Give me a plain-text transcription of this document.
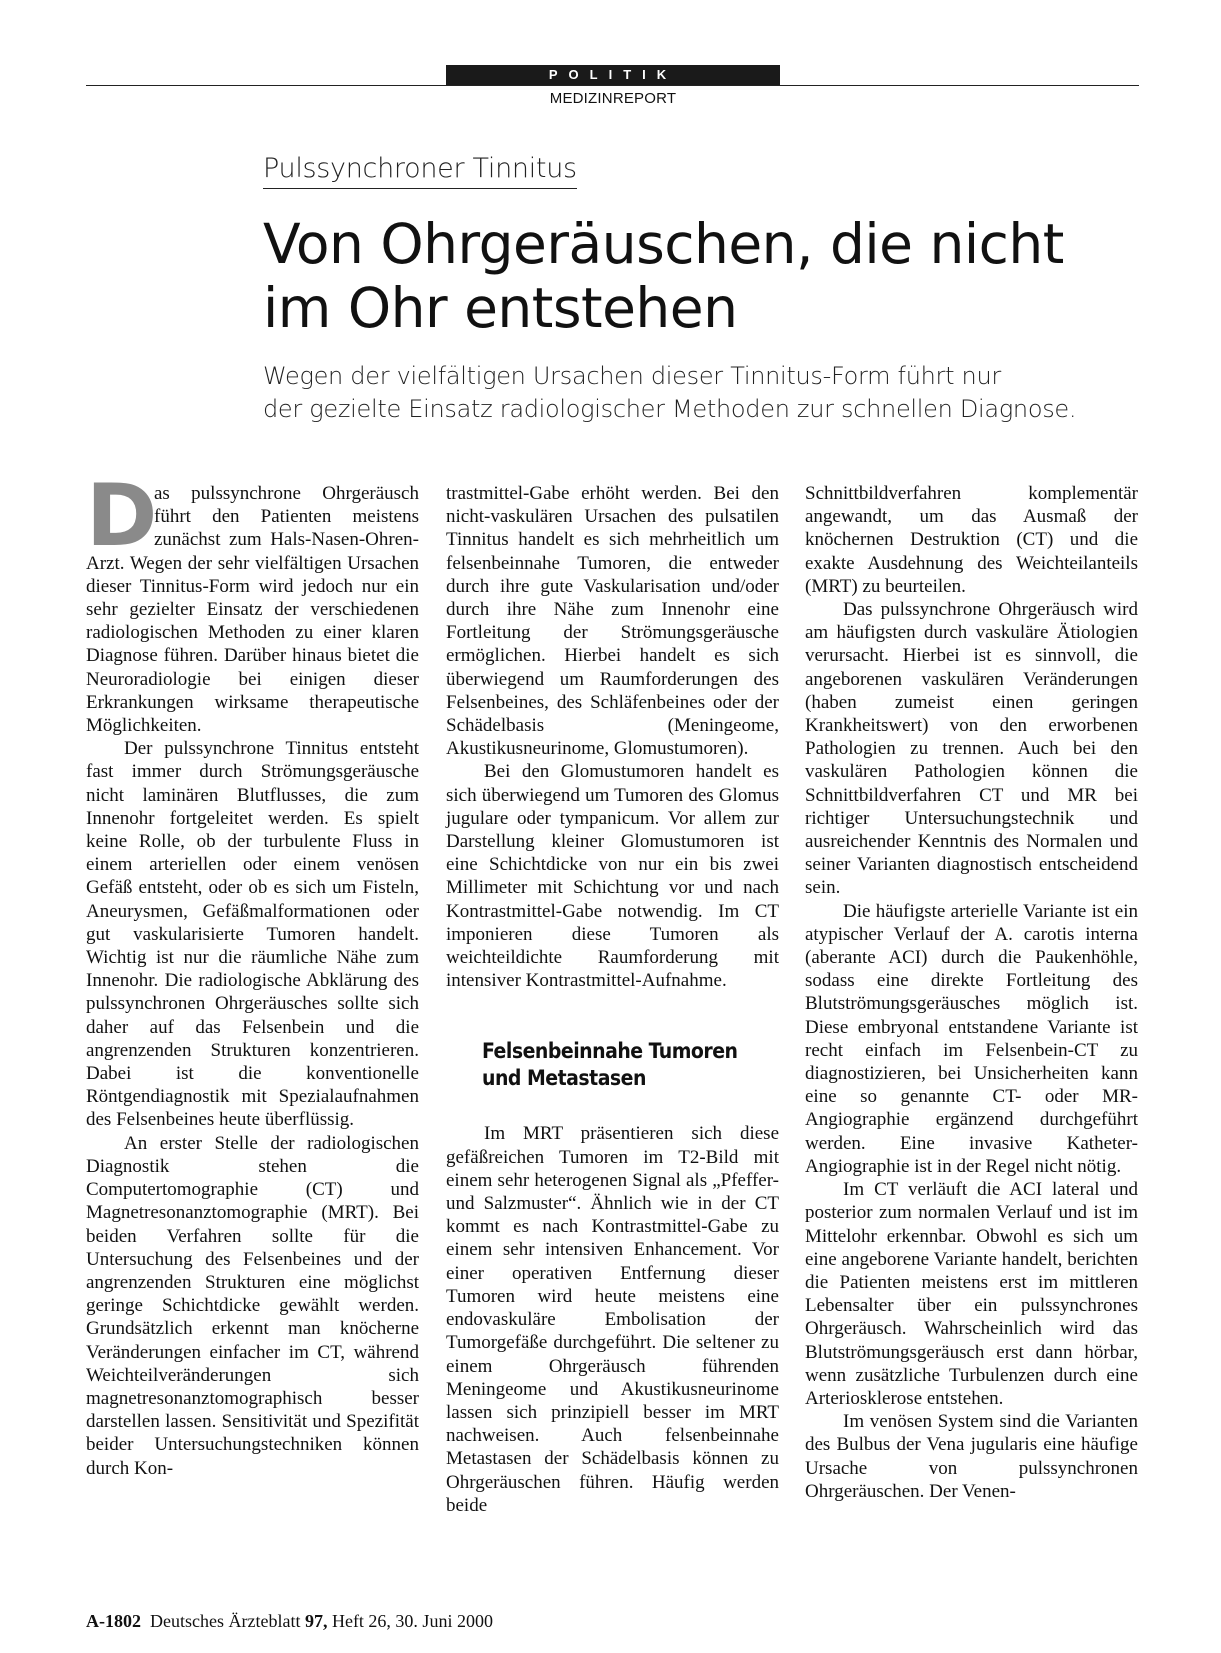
POLITIK
MEDIZINREPORT
Pulssynchroner Tinnitus
Von Ohrgeräuschen, die nicht
im Ohr entstehen

Wegen der vielfältigen Ursachen dieser Tinnitus-Form führt nur
der gezielte Einsatz radiologischer Methoden zur schnellen Diagnose.

D
as pulssynchrone Ohrgeräusch führt den Patienten meistens zunächst zum Hals-Nasen-Ohren-Arzt. Wegen der sehr vielfältigen Ursachen dieser Tinnitus-Form wird jedoch nur ein sehr gezielter Einsatz der verschiedenen radiologischen Methoden zu einer klaren Diagnose führen. Darüber hinaus bietet die Neuroradiologie bei einigen dieser Erkrankungen wirksame therapeutische Möglichkeiten.

Der pulssynchrone Tinnitus entsteht fast immer durch Strömungsgeräusche nicht laminären Blutflusses, die zum Innenohr fortgeleitet werden. Es spielt keine Rolle, ob der turbulente Fluss in einem arteriellen oder einem venösen Gefäß entsteht, oder ob es sich um Fisteln, Aneurysmen, Gefäßmalformationen oder gut vaskularisierte Tumoren handelt. Wichtig ist nur die räumliche Nähe zum Innenohr. Die radiologische Abklärung des pulssynchronen Ohrgeräusches sollte sich daher auf das Felsenbein und die angrenzenden Strukturen konzentrieren. Dabei ist die konventionelle Röntgendiagnostik mit Spezialaufnahmen des Felsenbeines heute überflüssig.

An erster Stelle der radiologischen Diagnostik stehen die Computertomographie (CT) und Magnetresonanztomographie (MRT). Bei beiden Verfahren sollte für die Untersuchung des Felsenbeines und der angrenzenden Strukturen eine möglichst geringe Schichtdicke gewählt werden. Grundsätzlich erkennt man knöcherne Veränderungen einfacher im CT, während Weichteilveränderungen sich magnetresonanztomographisch besser darstellen lassen. Sensitivität und Spezifität beider Untersuchungstechniken können durch Kon-

trastmittel-Gabe erhöht werden. Bei den nicht-vaskulären Ursachen des pulsatilen Tinnitus handelt es sich mehrheitlich um felsenbeinnahe Tumoren, die entweder durch ihre gute Vaskularisation und/oder durch ihre Nähe zum Innenohr eine Fortleitung der Strömungsgeräusche ermöglichen. Hierbei handelt es sich überwiegend um Raumforderungen des Felsenbeines, des Schläfenbeines oder der Schädelbasis (Meningeome, Akustikusneurinome, Glomustumoren).

Bei den Glomustumoren handelt es sich überwiegend um Tumoren des Glomus jugulare oder tympanicum. Vor allem zur Darstellung kleiner Glomustumoren ist eine Schichtdicke von nur ein bis zwei Millimeter mit Schichtung vor und nach Kontrastmittel-Gabe notwendig. Im CT imponieren diese Tumoren als weichteildichte Raumforderung mit intensiver Kontrastmittel-Aufnahme.

Felsenbeinnahe Tumoren
und Metastasen

Im MRT präsentieren sich diese gefäßreichen Tumoren im T2-Bild mit einem sehr heterogenen Signal als „Pfeffer- und Salzmuster“. Ähnlich wie in der CT kommt es nach Kontrastmittel-Gabe zu einem sehr intensiven Enhancement. Vor einer operativen Entfernung dieser Tumoren wird heute meistens eine endovaskuläre Embolisation der Tumorgefäße durchgeführt. Die seltener zu einem Ohrgeräusch führenden Meningeome und Akustikusneurinome lassen sich prinzipiell besser im MRT nachweisen. Auch felsenbeinnahe Metastasen der Schädelbasis können zu Ohrgeräuschen führen. Häufig werden beide

Schnittbildverfahren komplementär angewandt, um das Ausmaß der knöchernen Destruktion (CT) und die exakte Ausdehnung des Weichteilanteils (MRT) zu beurteilen.

Das pulssynchrone Ohrgeräusch wird am häufigsten durch vaskuläre Ätiologien verursacht. Hierbei ist es sinnvoll, die angeborenen vaskulären Veränderungen (haben zumeist einen geringen Krankheitswert) von den erworbenen Pathologien zu trennen. Auch bei den vaskulären Pathologien können die Schnittbildverfahren CT und MR bei richtiger Untersuchungstechnik und ausreichender Kenntnis des Normalen und seiner Varianten diagnostisch entscheidend sein.

Die häufigste arterielle Variante ist ein atypischer Verlauf der A. carotis interna (aberante ACI) durch die Paukenhöhle, sodass eine direkte Fortleitung des Blutströmungsgeräusches möglich ist. Diese embryonal entstandene Variante ist recht einfach im Felsenbein-CT zu diagnostizieren, bei Unsicherheiten kann eine so genannte CT- oder MR-Angiographie ergänzend durchgeführt werden. Eine invasive Katheter-Angiographie ist in der Regel nicht nötig.

Im CT verläuft die ACI lateral und posterior zum normalen Verlauf und ist im Mittelohr erkennbar. Obwohl es sich um eine angeborene Variante handelt, berichten die Patienten meistens erst im mittleren Lebensalter über ein pulssynchrones Ohrgeräusch. Wahrscheinlich wird das Blutströmungsgeräusch erst dann hörbar, wenn zusätzliche Turbulenzen durch eine Arteriosklerose entstehen.

Im venösen System sind die Varianten des Bulbus der Vena jugularis eine häufige Ursache von pulssynchronen Ohrgeräuschen. Der Venen-

A-1802 Deutsches Ärzteblatt 97, Heft 26, 30. Juni 2000
